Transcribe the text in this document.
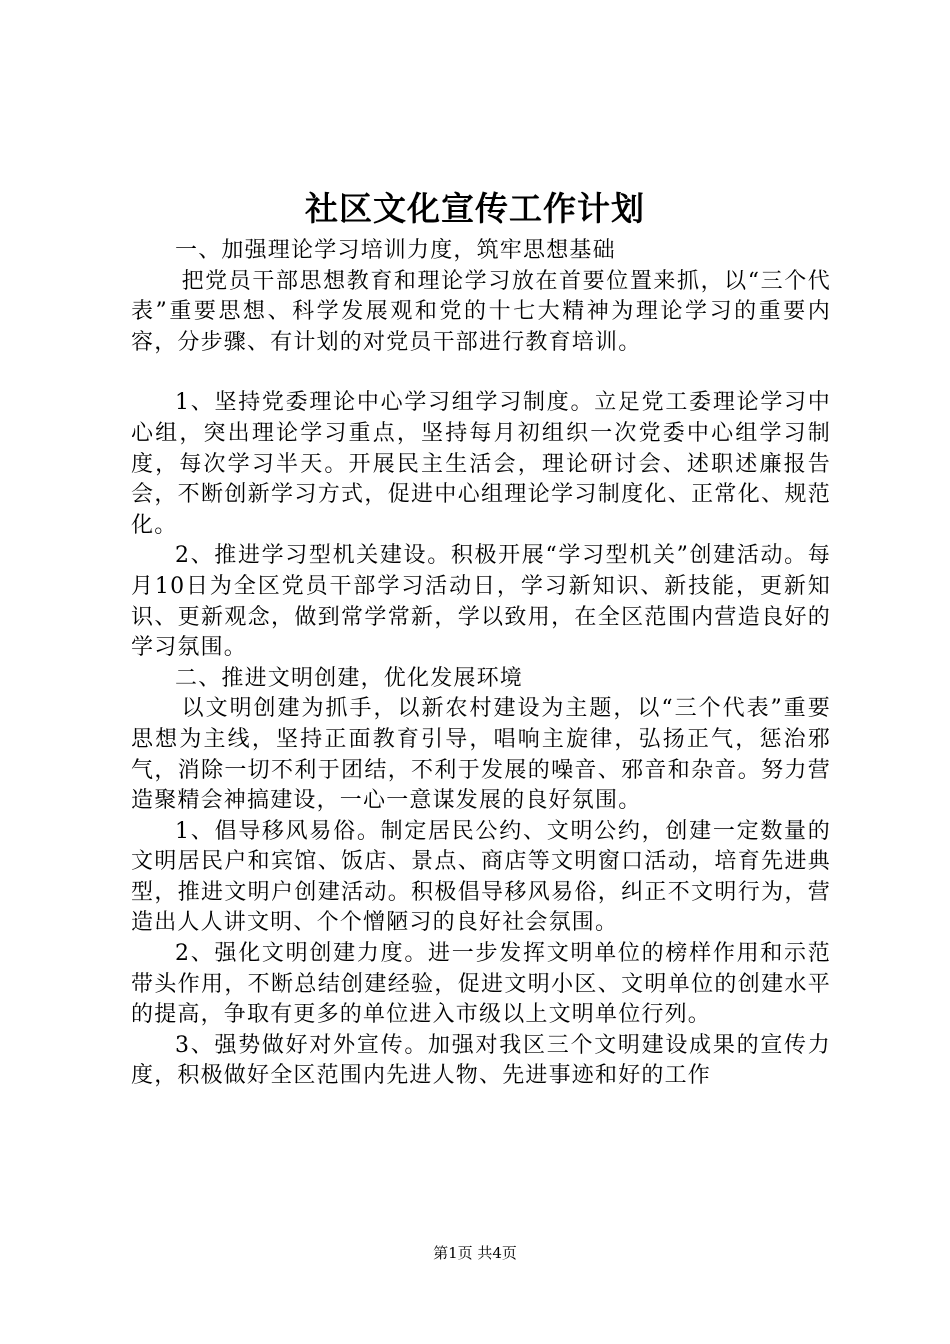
社区文化宣传工作计划

一、加强理论学习培训力度，筑牢思想基础

把党员干部思想教育和理论学习放在首要位置来抓，以“三个代表”重要思想、科学发展观和党的十七大精神为理论学习的重要内容，分步骤、有计划的对党员干部进行教育培训。

1、坚持党委理论中心学习组学习制度。立足党工委理论学习中心组，突出理论学习重点，坚持每月初组织一次党委中心组学习制度，每次学习半天。开展民主生活会，理论研讨会、述职述廉报告会，不断创新学习方式，促进中心组理论学习制度化、正常化、规范化。

2、推进学习型机关建设。积极开展“学习型机关”创建活动。每月10日为全区党员干部学习活动日，学习新知识、新技能，更新知识、更新观念，做到常学常新，学以致用，在全区范围内营造良好的学习氛围。

二、推进文明创建，优化发展环境

以文明创建为抓手，以新农村建设为主题，以“三个代表”重要思想为主线，坚持正面教育引导，唱响主旋律，弘扬正气，惩治邪气，消除一切不利于团结，不利于发展的噪音、邪音和杂音。努力营造聚精会神搞建设，一心一意谋发展的良好氛围。

1、倡导移风易俗。制定居民公约、文明公约，创建一定数量的文明居民户和宾馆、饭店、景点、商店等文明窗口活动，培育先进典型，推进文明户创建活动。积极倡导移风易俗，纠正不文明行为，营造出人人讲文明、个个憎陋习的良好社会氛围。

2、强化文明创建力度。进一步发挥文明单位的榜样作用和示范带头作用，不断总结创建经验，促进文明小区、文明单位的创建水平的提高，争取有更多的单位进入市级以上文明单位行列。

3、强势做好对外宣传。加强对我区三个文明建设成果的宣传力度，积极做好全区范围内先进人物、先进事迹和好的工作

第1页 共4页
